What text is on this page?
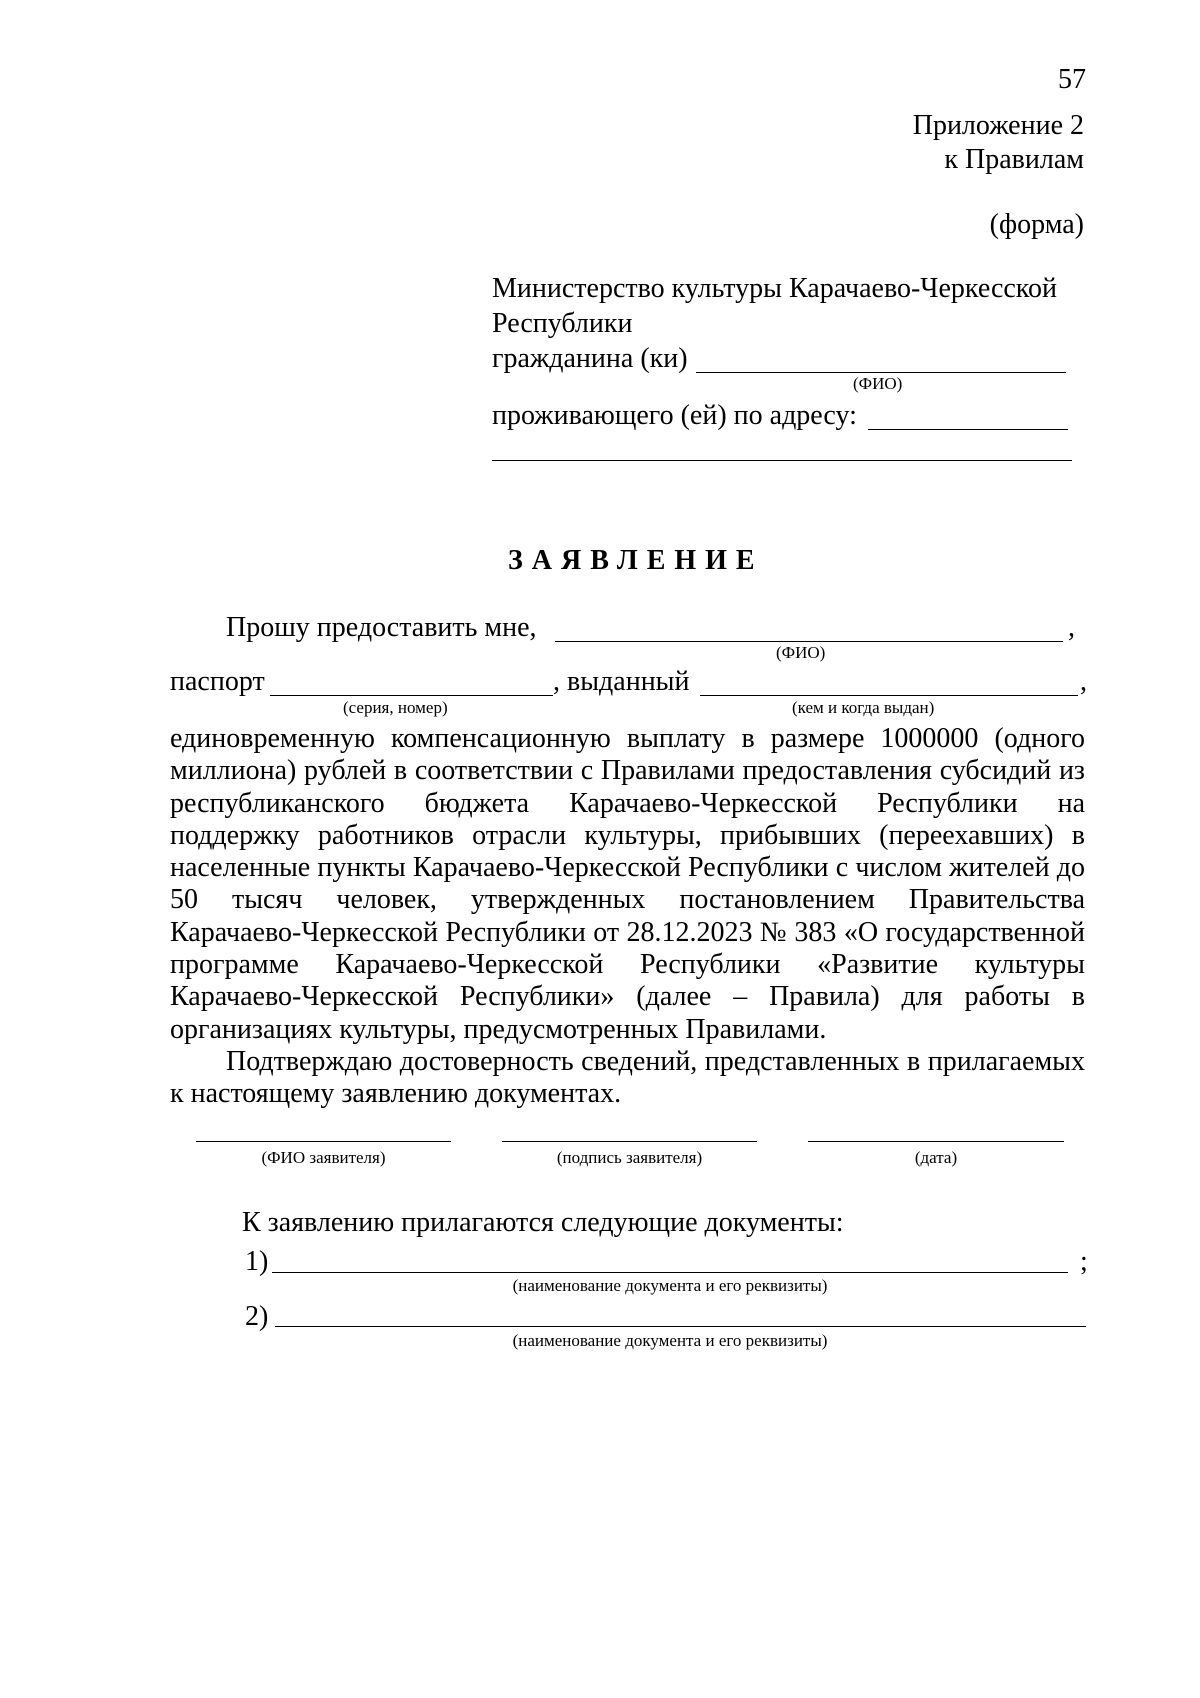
57
Приложение 2
к Правилам
(форма)
Министерство культуры Карачаево-Черкесской
Республики
гражданина (ки)
(ФИО)
проживающего (ей) по адресу:
ЗАЯВЛЕНИЕ
Прошу предоставить мне,	,
(ФИО)
паспорт	, выданный	,
(серия, номер)	(кем и когда выдан)
единовременную компенсационную выплату в размере 1000000 (одного миллиона) рублей в соответствии с Правилами предоставления субсидий из республиканского бюджета Карачаево-Черкесской Республики на поддержку работников отрасли культуры, прибывших (переехавших) в населенные пункты Карачаево-Черкесской Республики с числом жителей до 50 тысяч человек, утвержденных постановлением Правительства Карачаево-Черкесской Республики от 28.12.2023 № 383 «О государственной программе Карачаево-Черкесской Республики «Развитие культуры Карачаево-Черкесской Республики» (далее – Правила) для работы в организациях культуры, предусмотренных Правилами.
Подтверждаю достоверность сведений, представленных в прилагаемых к настоящему заявлению документах.
(ФИО заявителя)	(подпись заявителя)	(дата)
К заявлению прилагаются следующие документы:
1)	;
(наименование документа и его реквизиты)
2)
(наименование документа и его реквизиты)
